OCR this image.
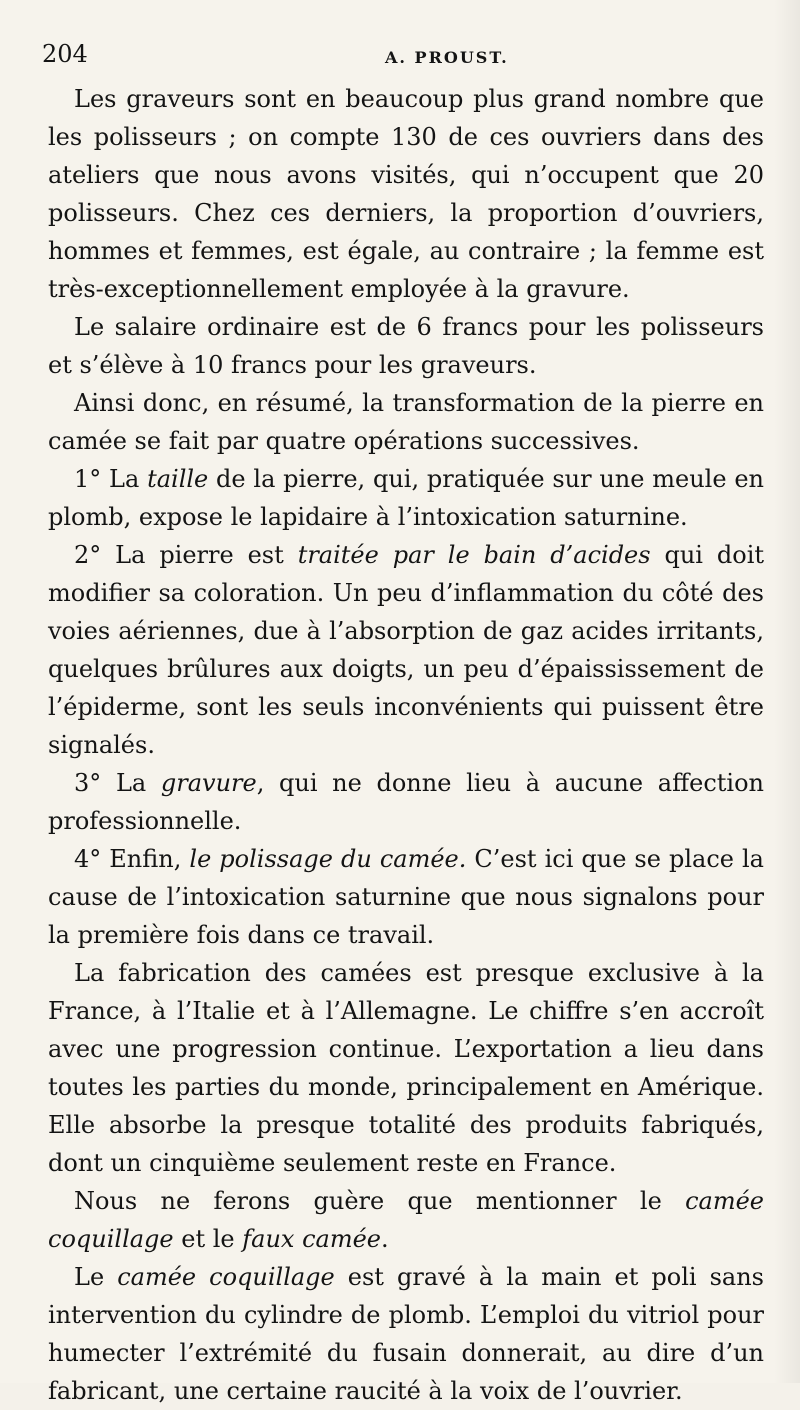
204	A. PROUST.

Les graveurs sont en beaucoup plus grand nombre que les polisseurs ; on compte 130 de ces ouvriers dans des ateliers que nous avons visités, qui n’occupent que 20 polisseurs. Chez ces derniers, la proportion d’ouvriers, hommes et femmes, est égale, au contraire ; la femme est très-exceptionnellement employée à la gravure.

Le salaire ordinaire est de 6 francs pour les polisseurs et s’élève à 10 francs pour les graveurs.

Ainsi donc, en résumé, la transformation de la pierre en camée se fait par quatre opérations successives.

1° La taille de la pierre, qui, pratiquée sur une meule en plomb, expose le lapidaire à l’intoxication saturnine.

2° La pierre est traitée par le bain d’acides qui doit modifier sa coloration. Un peu d’inflammation du côté des voies aériennes, due à l’absorption de gaz acides irritants, quelques brûlures aux doigts, un peu d’épaississement de l’épiderme, sont les seuls inconvénients qui puissent être signalés.

3° La gravure, qui ne donne lieu à aucune affection professionnelle.

4° Enfin, le polissage du camée. C’est ici que se place la cause de l’intoxication saturnine que nous signalons pour la première fois dans ce travail.

La fabrication des camées est presque exclusive à la France, à l’Italie et à l’Allemagne. Le chiffre s’en accroît avec une progression continue. L’exportation a lieu dans toutes les parties du monde, principalement en Amérique. Elle absorbe la presque totalité des produits fabriqués, dont un cinquième seulement reste en France.

Nous ne ferons guère que mentionner le camée coquillage et le faux camée.

Le camée coquillage est gravé à la main et poli sans intervention du cylindre de plomb. L’emploi du vitriol pour humecter l’extrémité du fusain donnerait, au dire d’un fabricant, une certaine raucité à la voix de l’ouvrier.
